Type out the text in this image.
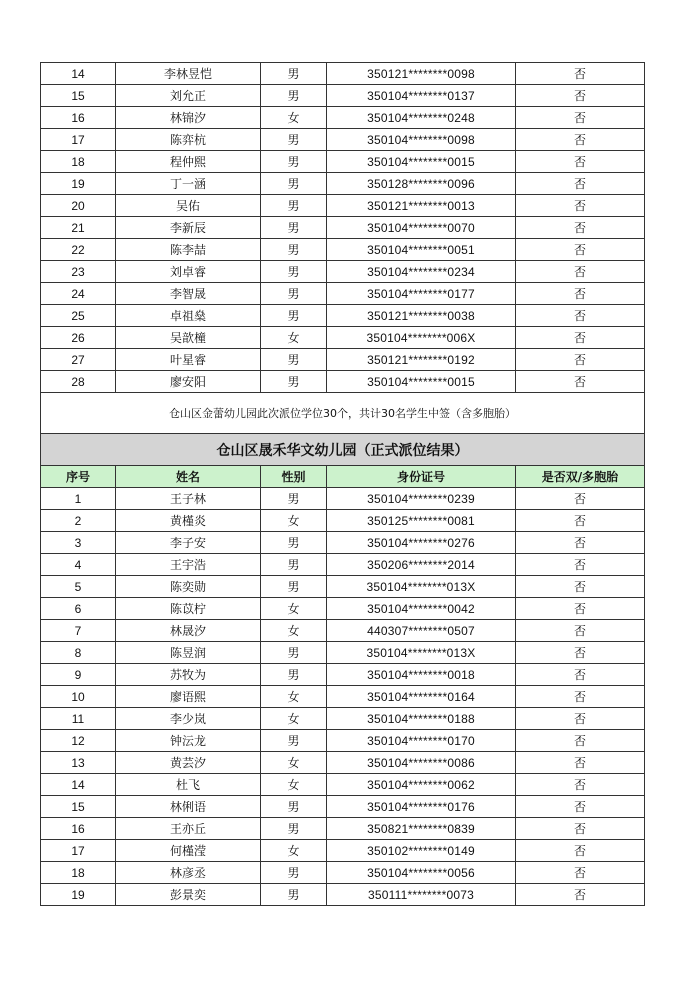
14	李林昱恺	男	350121********0098	否
15	刘允正	男	350104********0137	否
16	林锦汐	女	350104********0248	否
17	陈弈杭	男	350104********0098	否
18	程仲熙	男	350104********0015	否
19	丁一涵	男	350128********0096	否
20	吴佑	男	350121********0013	否
21	李新辰	男	350104********0070	否
22	陈李喆	男	350104********0051	否
23	刘卓睿	男	350104********0234	否
24	李智晟	男	350104********0177	否
25	卓祖燊	男	350121********0038	否
26	吴歆橦	女	350104********006X	否
27	叶星睿	男	350121********0192	否
28	廖安阳	男	350104********0015	否
仓山区金蕾幼儿园此次派位学位30个，共计30名学生中签（含多胞胎）				
仓山区晟禾华文幼儿园（正式派位结果）				
序号	姓名	性别	身份证号	是否双/多胞胎
1	王子林	男	350104********0239	否
2	黄槿炎	女	350125********0081	否
3	李子安	男	350104********0276	否
4	王宇浩	男	350206********2014	否
5	陈奕勋	男	350104********013X	否
6	陈苡柠	女	350104********0042	否
7	林晟汐	女	440307********0507	否
8	陈昱润	男	350104********013X	否
9	苏牧为	男	350104********0018	否
10	廖语熙	女	350104********0164	否
11	李少岚	女	350104********0188	否
12	钟沄龙	男	350104********0170	否
13	黄芸汐	女	350104********0086	否
14	杜飞	女	350104********0062	否
15	林俐语	男	350104********0176	否
16	王亦丘	男	350821********0839	否
17	何槿滢	女	350102********0149	否
18	林彦丞	男	350104********0056	否
19	彭景奕	男	350111********0073	否
